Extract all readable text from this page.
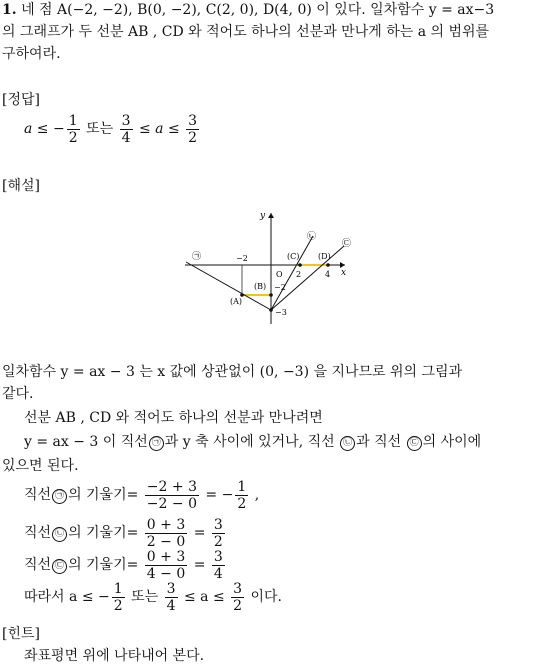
1. 네 점 A(−2, −2), B(0, −2), C(2, 0), D(4, 0) 이 있다. 일차함수 y = ax−3
의 그래프가 두 선분 AB , CD 와 적어도 하나의 선분과 만나게 하는 a 의 범위를
구하여라.
[정답]
a ≤ − $\frac{1}{2}$ 또는 $\frac{3}{4} \le a \le \frac{3}{2}$
[해설]
y
x
O
−2
2	4
−2
−3
(A)
(B)
(C) (D)
㉠
㉡
㉢
일차함수 y = ax − 3 는 x 값에 상관없이 (0, −3) 을 지나므로 위의 그림과
같다.
선분 AB , CD 와 적어도 하나의 선분과 만나려면
y = ax − 3 이 직선 ㉠ 과 y 축 사이에 있거나, 직선 ㉡ 과 직선 ㉢ 의 사이에
있으면 된다.
직선 ㉠ 의 기울기= $\frac{-2 + 3}{-2 - 0}$ = − $\frac{1}{2}$ ,
직선 ㉡ 의 기울기= $\frac{0 + 3}{2 - 0} = \frac{3}{2}$
직선 ㉢ 의 기울기= $\frac{0 + 3}{4 - 0} = \frac{3}{4}$
따라서 a ≤ − $\frac{1}{2}$ 또는 $\frac{3}{4} \le a \le \frac{3}{2}$ 이다.
[힌트]
좌표평면 위에 나타내어 본다.
